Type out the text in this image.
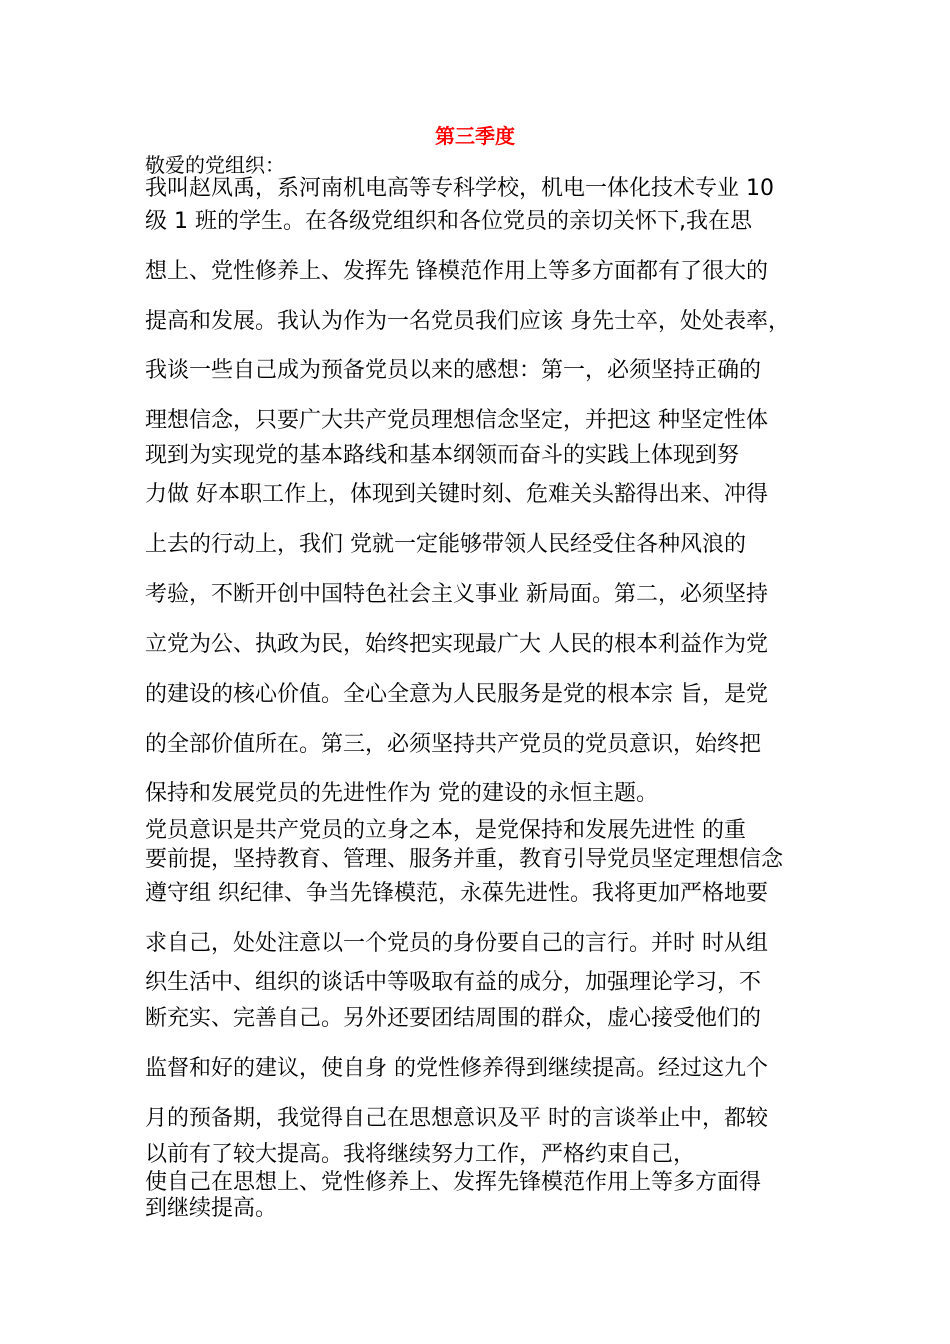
第三季度
敬爱的党组织：
我叫赵凤禹，系河南机电高等专科学校，机电一体化技术专业 10
级 1 班的学生。在各级党组织和各位党员的亲切关怀下,我在思
想上、党性修养上、发挥先 锋模范作用上等多方面都有了很大的
提高和发展。我认为作为一名党员我们应该 身先士卒，处处表率，
我谈一些自己成为预备党员以来的感想：第一，必须坚持正确的
理想信念，只要广大共产党员理想信念坚定，并把这 种坚定性体
现到为实现党的基本路线和基本纲领而奋斗的实践上体现到努
力做 好本职工作上，体现到关键时刻、危难关头豁得出来、冲得
上去的行动上，我们 党就一定能够带领人民经受住各种风浪的
考验，不断开创中国特色社会主义事业 新局面。第二，必须坚持
立党为公、执政为民，始终把实现最广大 人民的根本利益作为党
的建设的核心价值。全心全意为人民服务是党的根本宗 旨，是党
的全部价值所在。第三，必须坚持共产党员的党员意识，始终把
保持和发展党员的先进性作为 党的建设的永恒主题。
党员意识是共产党员的立身之本，是党保持和发展先进性 的重
要前提，坚持教育、管理、服务并重，教育引导党员坚定理想信念
遵守组 织纪律、争当先锋模范，永葆先进性。我将更加严格地要
求自己，处处注意以一个党员的身份要自己的言行。并时 时从组
织生活中、组织的谈话中等吸取有益的成分，加强理论学习，不
断充实、完善自己。另外还要团结周围的群众，虚心接受他们的
监督和好的建议，使自身 的党性修养得到继续提高。经过这九个
月的预备期，我觉得自己在思想意识及平 时的言谈举止中，都较
以前有了较大提高。我将继续努力工作，严格约束自己，
使自己在思想上、党性修养上、发挥先锋模范作用上等多方面得
到继续提高。
